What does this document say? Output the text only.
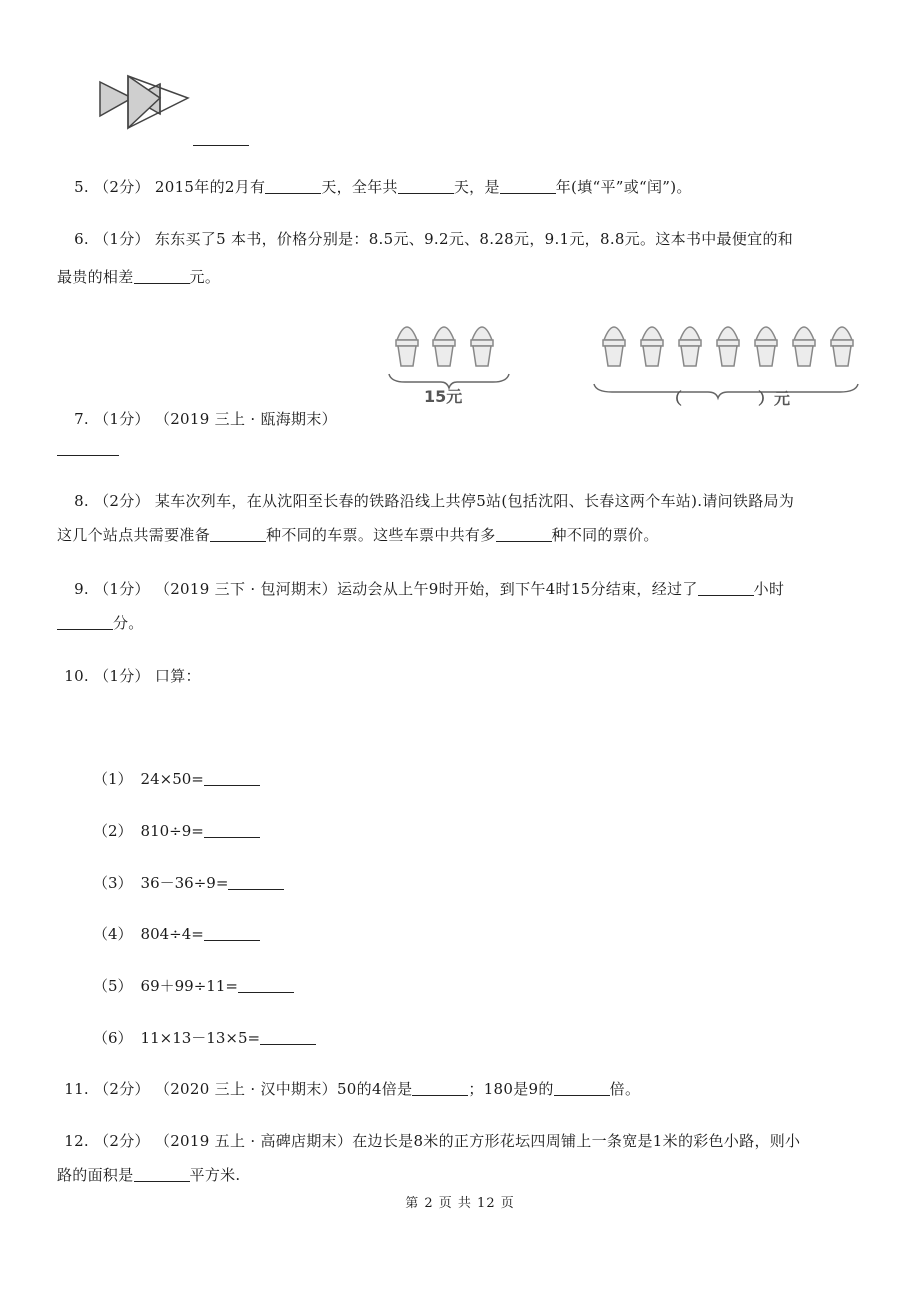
5. （2分） 2015年的2月有	天，全年共	天，是	年(填“平”或“闰”)。
6. （1分） 东东买了5 本书，价格分别是：8.5元、9.2元、8.28元，9.1元，8.8元。这本书中最便宜的和
最贵的相差	元。
15元	（	）元
7. （1分） （2019 三上 · 瓯海期末）
8. （2分） 某车次列车，在从沈阳至长春的铁路沿线上共停5站(包括沈阳、长春这两个车站).请问铁路局为
这几个站点共需要准备	种不同的车票。这些车票中共有多	种不同的票价。
9. （1分） （2019 三下 · 包河期末）运动会从上午9时开始，到下午4时15分结束，经过了	小时
分。
10. （1分） 口算：
（1） 24×50=
（2） 810÷9=
（3） 36－36÷9=
（4） 804÷4=
（5） 69＋99÷11=
（6） 11×13－13×5=
11. （2分） （2020 三上 · 汉中期末）50的4倍是	；180是9的	倍。
12. （2分） （2019 五上 · 高碑店期末）在边长是8米的正方形花坛四周铺上一条宽是1米的彩色小路，则小
路的面积是	平方米.
第 2 页 共 12 页
